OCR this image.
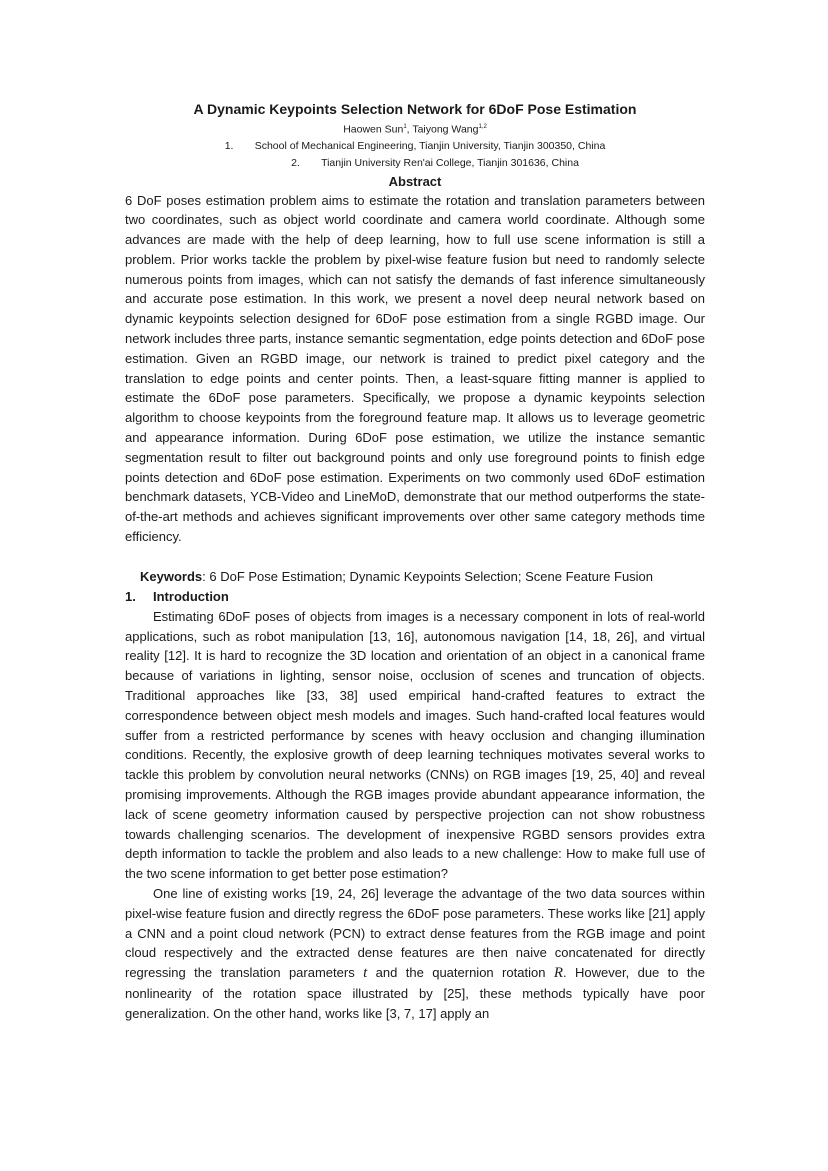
A Dynamic Keypoints Selection Network for 6DoF Pose Estimation
Haowen Sun$^1$, Taiyong Wang$^{1,2}$
1. School of Mechanical Engineering, Tianjin University, Tianjin 300350, China
2. Tianjin University Ren'ai College, Tianjin 301636, China
Abstract

6 DoF poses estimation problem aims to estimate the rotation and translation parameters between two coordinates, such as object world coordinate and camera world coordinate. Although some advances are made with the help of deep learning, how to full use scene information is still a problem. Prior works tackle the problem by pixel-wise feature fusion but need to randomly selecte numerous points from images, which can not satisfy the demands of fast inference simultaneously and accurate pose estimation. In this work, we present a novel deep neural network based on dynamic keypoints selection designed for 6DoF pose estimation from a single RGBD image. Our network includes three parts, instance semantic segmentation, edge points detection and 6DoF pose estimation. Given an RGBD image, our network is trained to predict pixel category and the translation to edge points and center points. Then, a least-square fitting manner is applied to estimate the 6DoF pose parameters. Specifically, we propose a dynamic keypoints selection algorithm to choose keypoints from the foreground feature map. It allows us to leverage geometric and appearance information. During 6DoF pose estimation, we utilize the instance semantic segmentation result to filter out background points and only use foreground points to finish edge points detection and 6DoF pose estimation. Experiments on two commonly used 6DoF estimation benchmark datasets, YCB-Video and LineMoD, demonstrate that our method outperforms the state-of-the-art methods and achieves significant improvements over other same category methods time efficiency.

Keywords: 6 DoF Pose Estimation; Dynamic Keypoints Selection; Scene Feature Fusion
1. Introduction

Estimating 6DoF poses of objects from images is a necessary component in lots of real-world applications, such as robot manipulation [13, 16], autonomous navigation [14, 18, 26], and virtual reality [12]. It is hard to recognize the 3D location and orientation of an object in a canonical frame because of variations in lighting, sensor noise, occlusion of scenes and truncation of objects. Traditional approaches like [33, 38] used empirical hand-crafted features to extract the correspondence between object mesh models and images. Such hand-crafted local features would suffer from a restricted performance by scenes with heavy occlusion and changing illumination conditions. Recently, the explosive growth of deep learning techniques motivates several works to tackle this problem by convolution neural networks (CNNs) on RGB images [19, 25, 40] and reveal promising improvements. Although the RGB images provide abundant appearance information, the lack of scene geometry information caused by perspective projection can not show robustness towards challenging scenarios. The development of inexpensive RGBD sensors provides extra depth information to tackle the problem and also leads to a new challenge: How to make full use of the two scene information to get better pose estimation?

One line of existing works [19, 24, 26] leverage the advantage of the two data sources within pixel-wise feature fusion and directly regress the 6DoF pose parameters. These works like [21] apply a CNN and a point cloud network (PCN) to extract dense features from the RGB image and point cloud respectively and the extracted dense features are then naive concatenated for directly regressing the translation parameters t and the quaternion rotation R. However, due to the nonlinearity of the rotation space illustrated by [25], these methods typically have poor generalization. On the other hand, works like [3, 7, 17] apply an
